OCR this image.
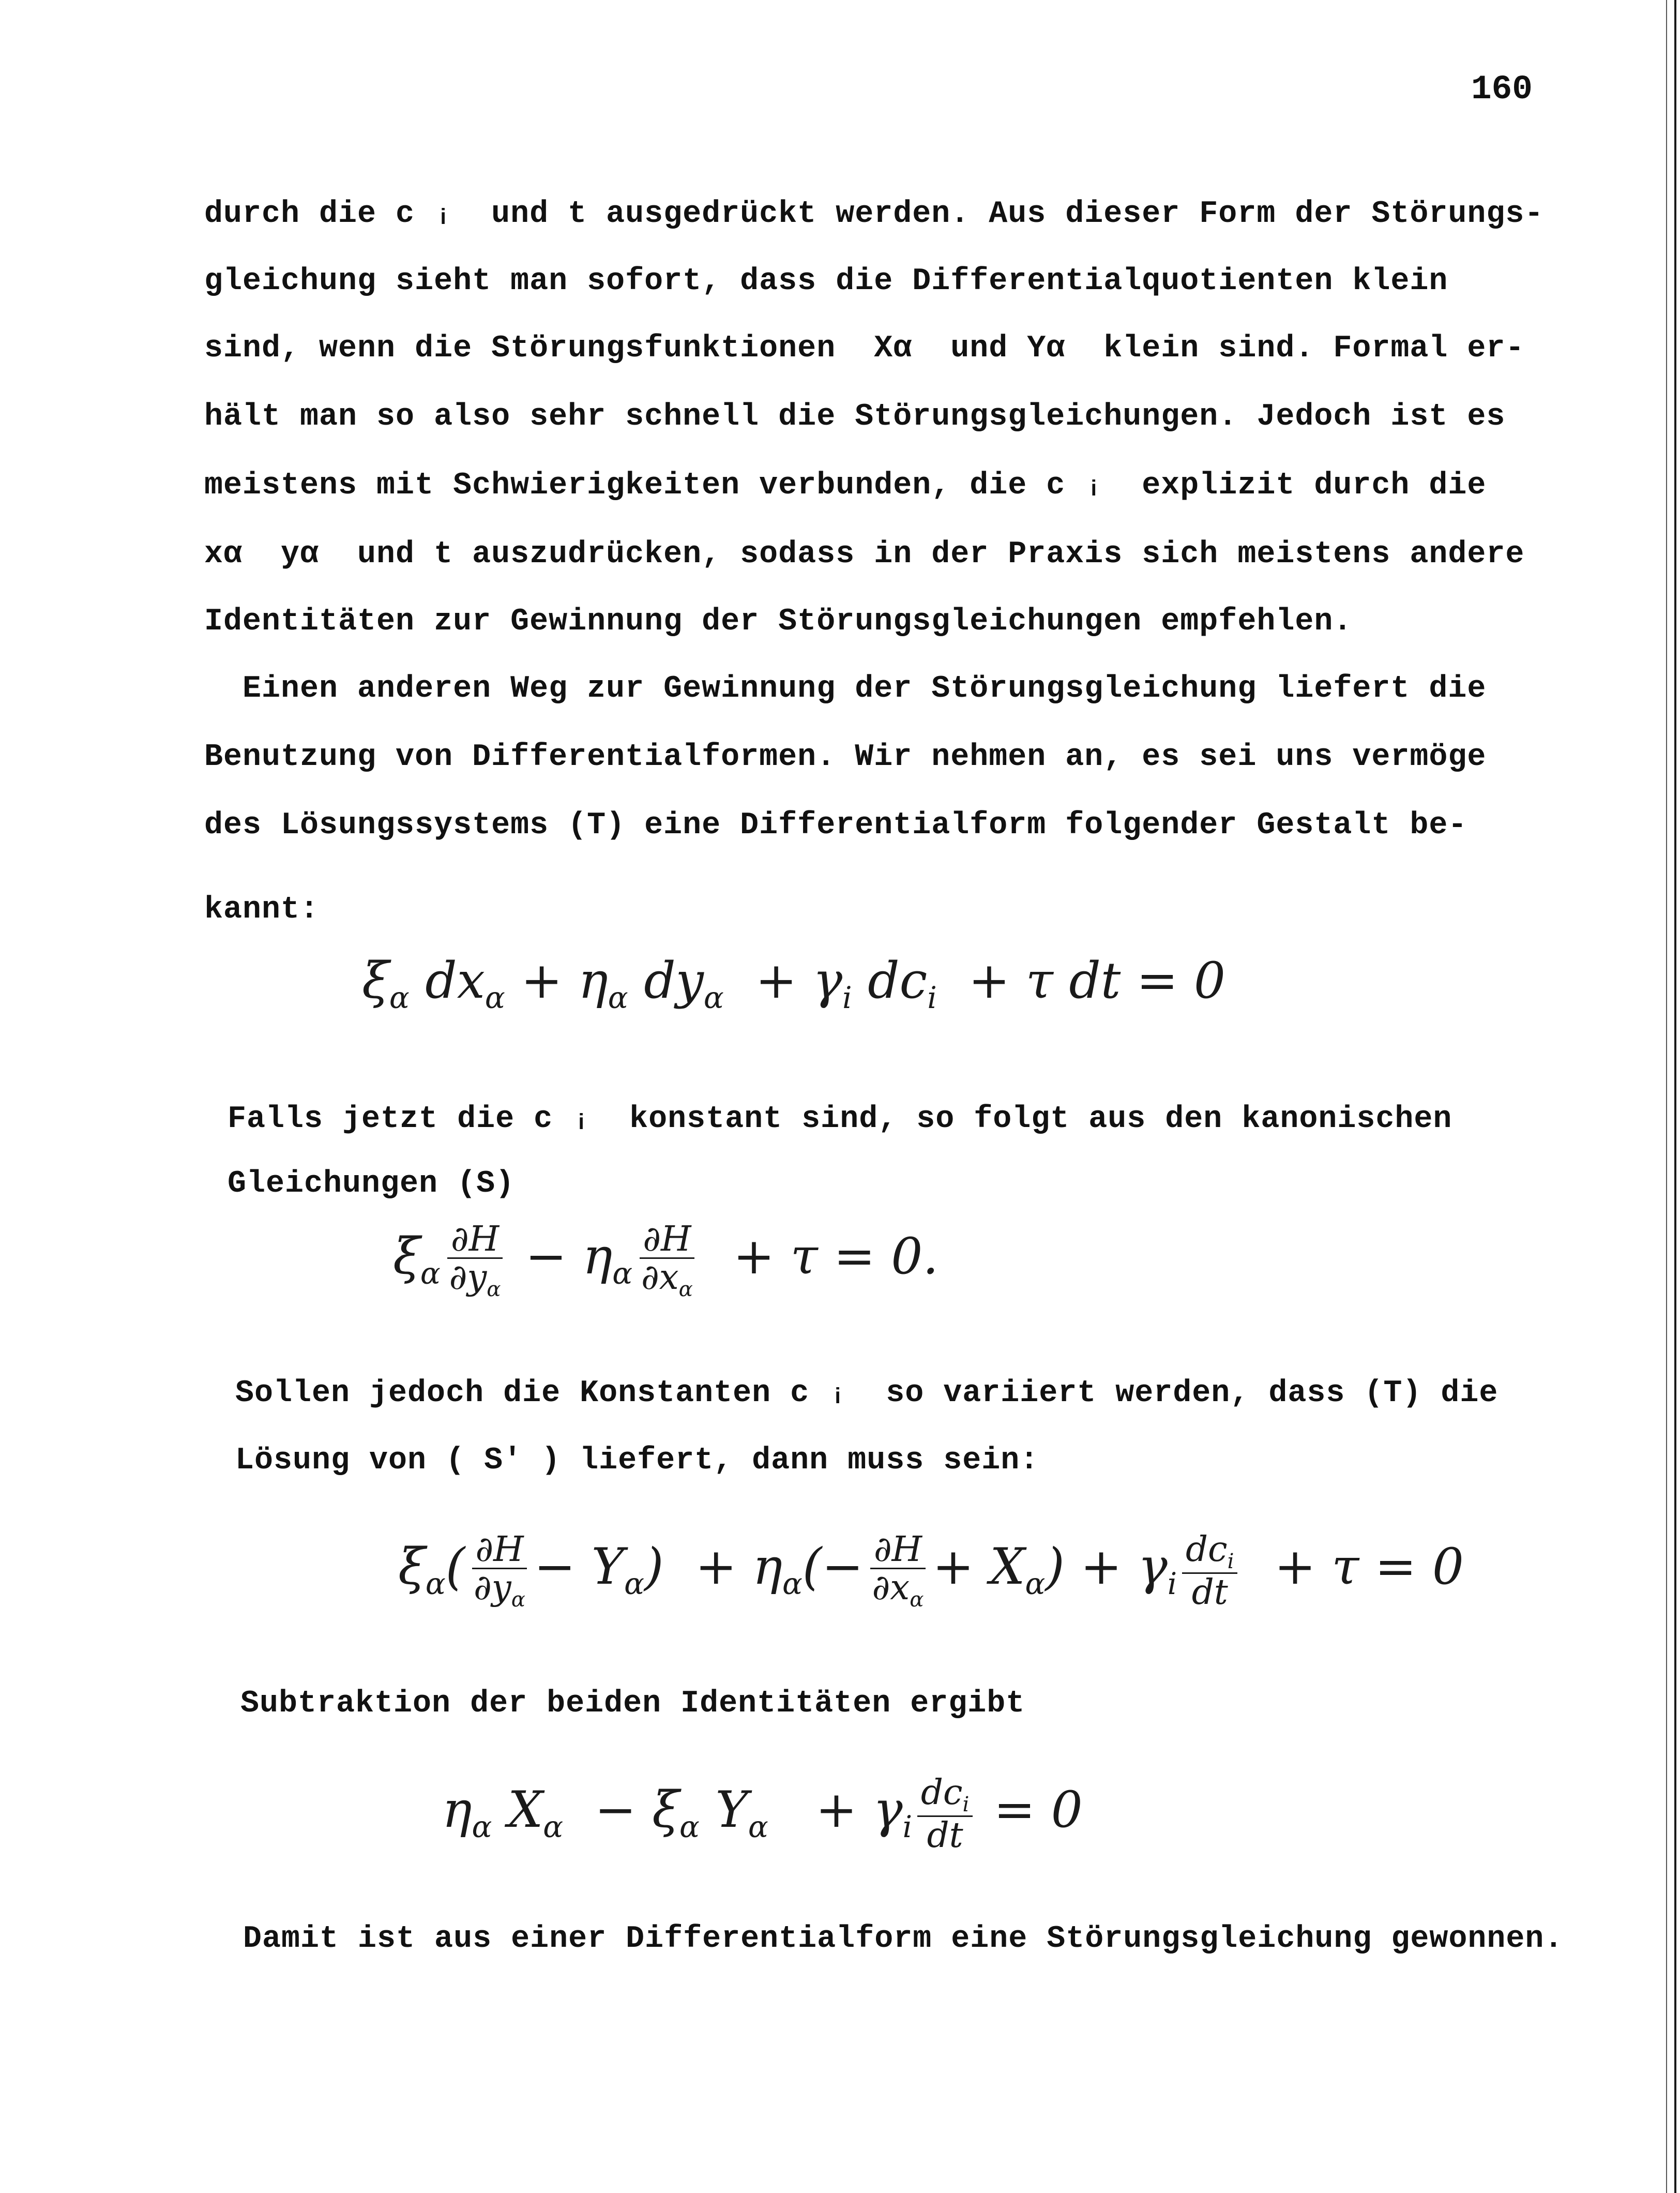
160
durch die c ᵢ  und t ausgedrückt werden. Aus dieser Form der Störungs-
gleichung sieht man sofort, dass die Differentialquotienten klein
sind, wenn die Störungsfunktionen  Xα  und Yα  klein sind. Formal er-
hält man so also sehr schnell die Störungsgleichungen. Jedoch ist es
meistens mit Schwierigkeiten verbunden, die c ᵢ  explizit durch die
xα  yα  und t auszudrücken, sodass in der Praxis sich meistens andere
Identitäten zur Gewinnung der Störungsgleichungen empfehlen.
Einen anderen Weg zur Gewinnung der Störungsgleichung liefert die
Benutzung von Differentialformen. Wir nehmen an, es sei uns vermöge
des Lösungssystems (T) eine Differentialform folgender Gestalt be-
kannt:
$\xi_\alpha$ $dx_\alpha + \eta_\alpha$ $dy_\alpha + \gamma_i$ $dc_i + \tau$ dt = 0
Falls jetzt die c ᵢ  konstant sind, so folgt aus den kanonischen
Gleichungen (S)
$\xi_\alpha \frac{\partial H}{\partial y_\alpha} - \eta_\alpha \frac{\partial H}{\partial x_\alpha} + \tau = 0$.
Sollen jedoch die Konstanten c ᵢ  so variiert werden, dass (T) die
Lösung von ( S′ ) liefert, dann muss sein:
$\xi_\alpha( \frac{\partial H}{\partial y_\alpha} - Y_\alpha) + \eta_\alpha(- \frac{\partial H}{\partial x_\alpha} + X_\alpha) + \gamma_i \frac{dc_i}{dt} + \tau = 0$
Subtraktion der beiden Identitäten ergibt
$\eta_\alpha$ $X_\alpha - \xi_\alpha$ $Y_\alpha + \gamma_i \frac{dc_i}{dt} = 0$
Damit ist aus einer Differentialform eine Störungsgleichung gewonnen.
